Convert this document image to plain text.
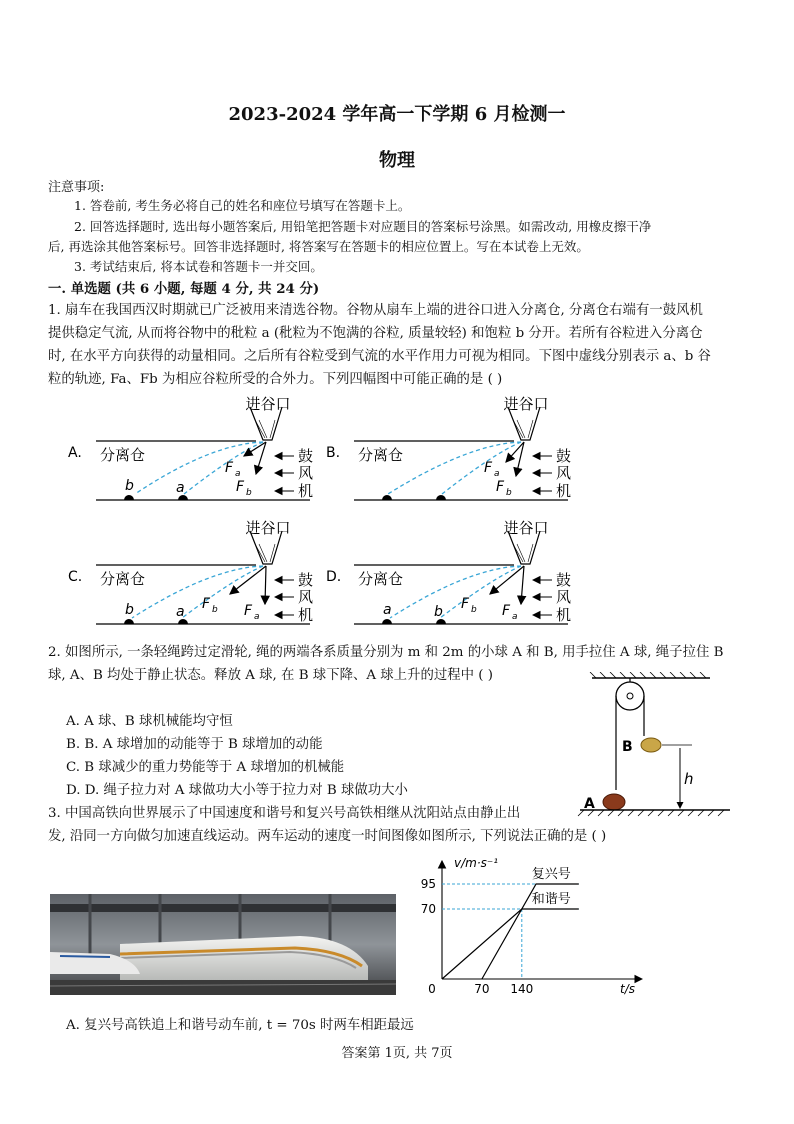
2023-2024 学年高一下学期 6 月检测一
物理
注意事项:
1. 答卷前, 考生务必将自己的姓名和座位号填写在答题卡上。
2. 回答选择题时, 选出每小题答案后, 用铅笔把答题卡对应题目的答案标号涂黑。如需改动, 用橡皮擦干净
后, 再选涂其他答案标号。回答非选择题时, 将答案写在答题卡的相应位置上。写在本试卷上无效。
3. 考试结束后, 将本试卷和答题卡一并交回。
一. 单选题 (共 6 小题, 每题 4 分, 共 24 分)
1. 扇车在我国西汉时期就已广泛被用来清选谷物。谷物从扇车上端的进谷口进入分离仓, 分离仓右端有一鼓风机
提供稳定气流, 从而将谷物中的秕粒 a (秕粒为不饱满的谷粒, 质量较轻) 和饱粒 b 分开。若所有谷粒进入分离仓
时, 在水平方向获得的动量相同。之后所有谷粒受到气流的水平作用力可视为相同。下图中虚线分别表示 a、b 谷
粒的轨迹, Fa、Fb 为相应谷粒所受的合外力。下列四幅图中可能正确的是 ( )
A.
进谷口
分离仓
b	a
F a
F b
鼓
风
机
B.
进谷口
分离仓
F a
F b
鼓
风
机
C.
进谷口
分离仓
b	a F b F a
鼓
风
机
D.
进谷口
分离仓
a	b F b F a
鼓
风
机
2. 如图所示, 一条轻绳跨过定滑轮, 绳的两端各系质量分别为 m 和 2m 的小球 A 和 B, 用手拉住 A 球, 绳子拉住 B
球, A、B 均处于静止状态。释放 A 球, 在 B 球下降、A 球上升的过程中 ( )
A. A 球、B 球机械能均守恒
B. B. A 球增加的动能等于 B 球增加的动能
C. B 球减少的重力势能等于 A 球增加的机械能
D. D. 绳子拉力对 A 球做功大小等于拉力对 B 球做功大小
B
A
h
3. 中国高铁向世界展示了中国速度和谐号和复兴号高铁相继从沈阳站点由静止出
发, 沿同一方向做匀加速直线运动。两车运动的速度一时间图像如图所示, 下列说法正确的是 ( )
v/m·s⁻¹
t/s
70
95
0	70 140
复兴号
和谐号
A. 复兴号高铁追上和谐号动车前, t = 70s 时两车相距最远
答案第 1页, 共 7页
